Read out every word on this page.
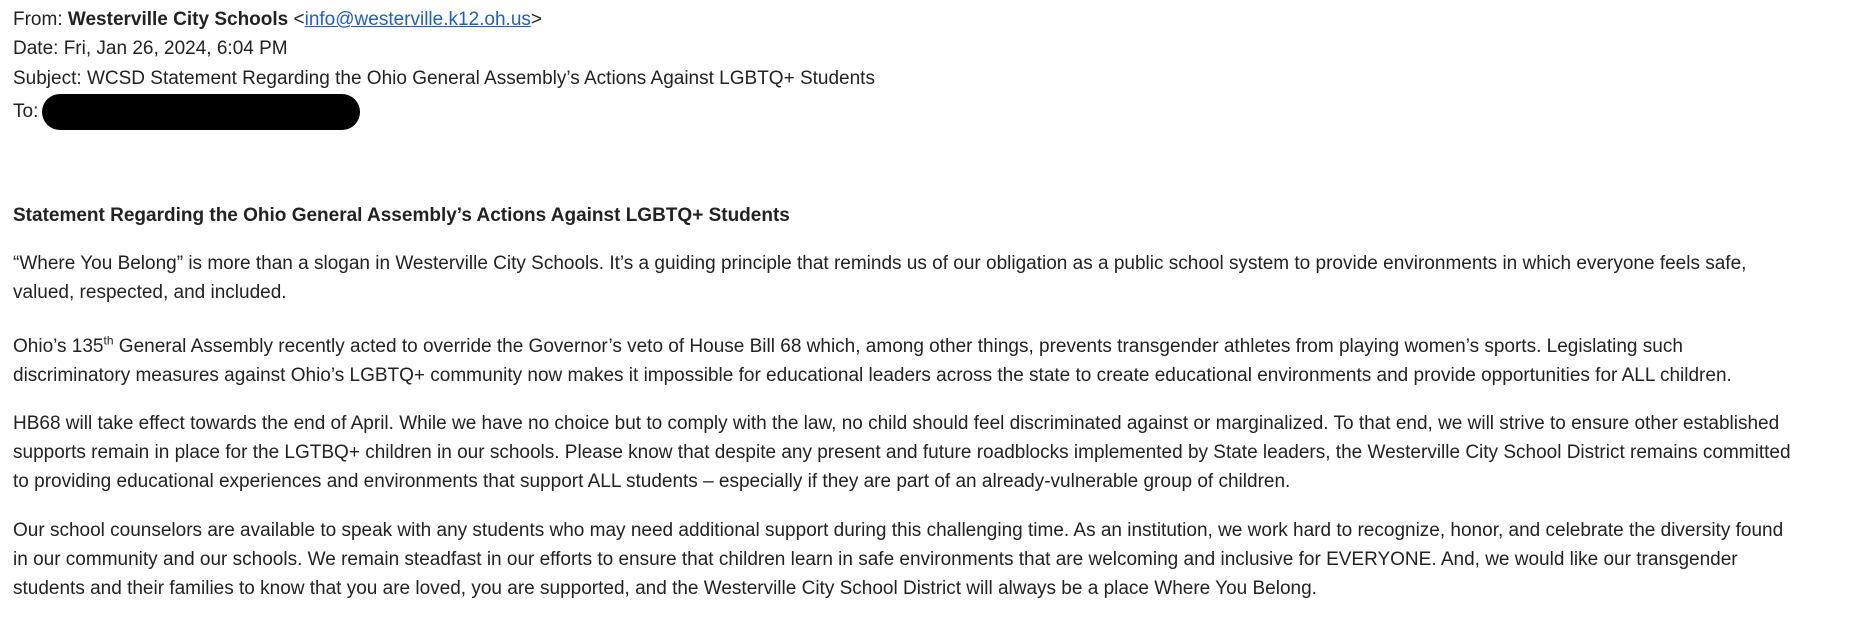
From: Westerville City Schools <info@westerville.k12.oh.us>
Date: Fri, Jan 26, 2024, 6:04 PM
Subject: WCSD Statement Regarding the Ohio General Assembly’s Actions Against LGBTQ+ Students
To:
Statement Regarding the Ohio General Assembly’s Actions Against LGBTQ+ Students
“Where You Belong” is more than a slogan in Westerville City Schools. It’s a guiding principle that reminds us of our obligation as a public school system to provide environments in which everyone feels safe,
valued, respected, and included.
Ohio’s 135th General Assembly recently acted to override the Governor’s veto of House Bill 68 which, among other things, prevents transgender athletes from playing women’s sports. Legislating such
discriminatory measures against Ohio’s LGBTQ+ community now makes it impossible for educational leaders across the state to create educational environments and provide opportunities for ALL children.
HB68 will take effect towards the end of April. While we have no choice but to comply with the law, no child should feel discriminated against or marginalized. To that end, we will strive to ensure other established
supports remain in place for the LGTBQ+ children in our schools. Please know that despite any present and future roadblocks implemented by State leaders, the Westerville City School District remains committed
to providing educational experiences and environments that support ALL students – especially if they are part of an already-vulnerable group of children.
Our school counselors are available to speak with any students who may need additional support during this challenging time. As an institution, we work hard to recognize, honor, and celebrate the diversity found
in our community and our schools. We remain steadfast in our efforts to ensure that children learn in safe environments that are welcoming and inclusive for EVERYONE. And, we would like our transgender
students and their families to know that you are loved, you are supported, and the Westerville City School District will always be a place Where You Belong.
